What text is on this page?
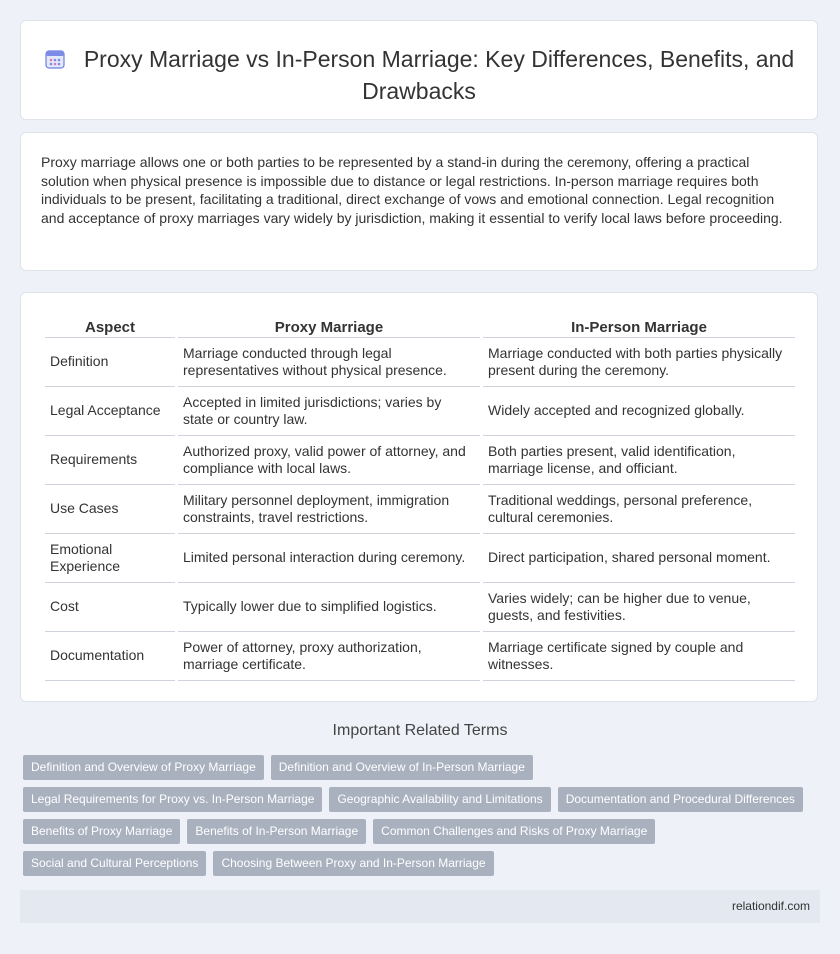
Proxy Marriage vs In-Person Marriage: Key Differences, Benefits, and Drawbacks

Proxy marriage allows one or both parties to be represented by a stand-in during the ceremony, offering a practical solution when physical presence is impossible due to distance or legal restrictions. In-person marriage requires both individuals to be present, facilitating a traditional, direct exchange of vows and emotional connection. Legal recognition and acceptance of proxy marriages vary widely by jurisdiction, making it essential to verify local laws before proceeding.

Aspect	Proxy Marriage	In-Person Marriage
Definition	Marriage conducted through legal representatives without physical presence.	Marriage conducted with both parties physically present during the ceremony.
Legal Acceptance	Accepted in limited jurisdictions; varies by state or country law.	Widely accepted and recognized globally.
Requirements	Authorized proxy, valid power of attorney, and compliance with local laws.	Both parties present, valid identification, marriage license, and officiant.
Use Cases	Military personnel deployment, immigration constraints, travel restrictions.	Traditional weddings, personal preference, cultural ceremonies.
Emotional Experience	Limited personal interaction during ceremony.	Direct participation, shared personal moment.
Cost	Typically lower due to simplified logistics.	Varies widely; can be higher due to venue, guests, and festivities.
Documentation	Power of attorney, proxy authorization, marriage certificate.	Marriage certificate signed by couple and witnesses.
Important Related Terms
Definition and Overview of Proxy Marriage	Definition and Overview of In-Person Marriage
Legal Requirements for Proxy vs. In-Person Marriage	Geographic Availability and Limitations	Documentation and Procedural Differences
Benefits of Proxy Marriage	Benefits of In-Person Marriage	Common Challenges and Risks of Proxy Marriage
Social and Cultural Perceptions	Choosing Between Proxy and In-Person Marriage
relationdif.com
